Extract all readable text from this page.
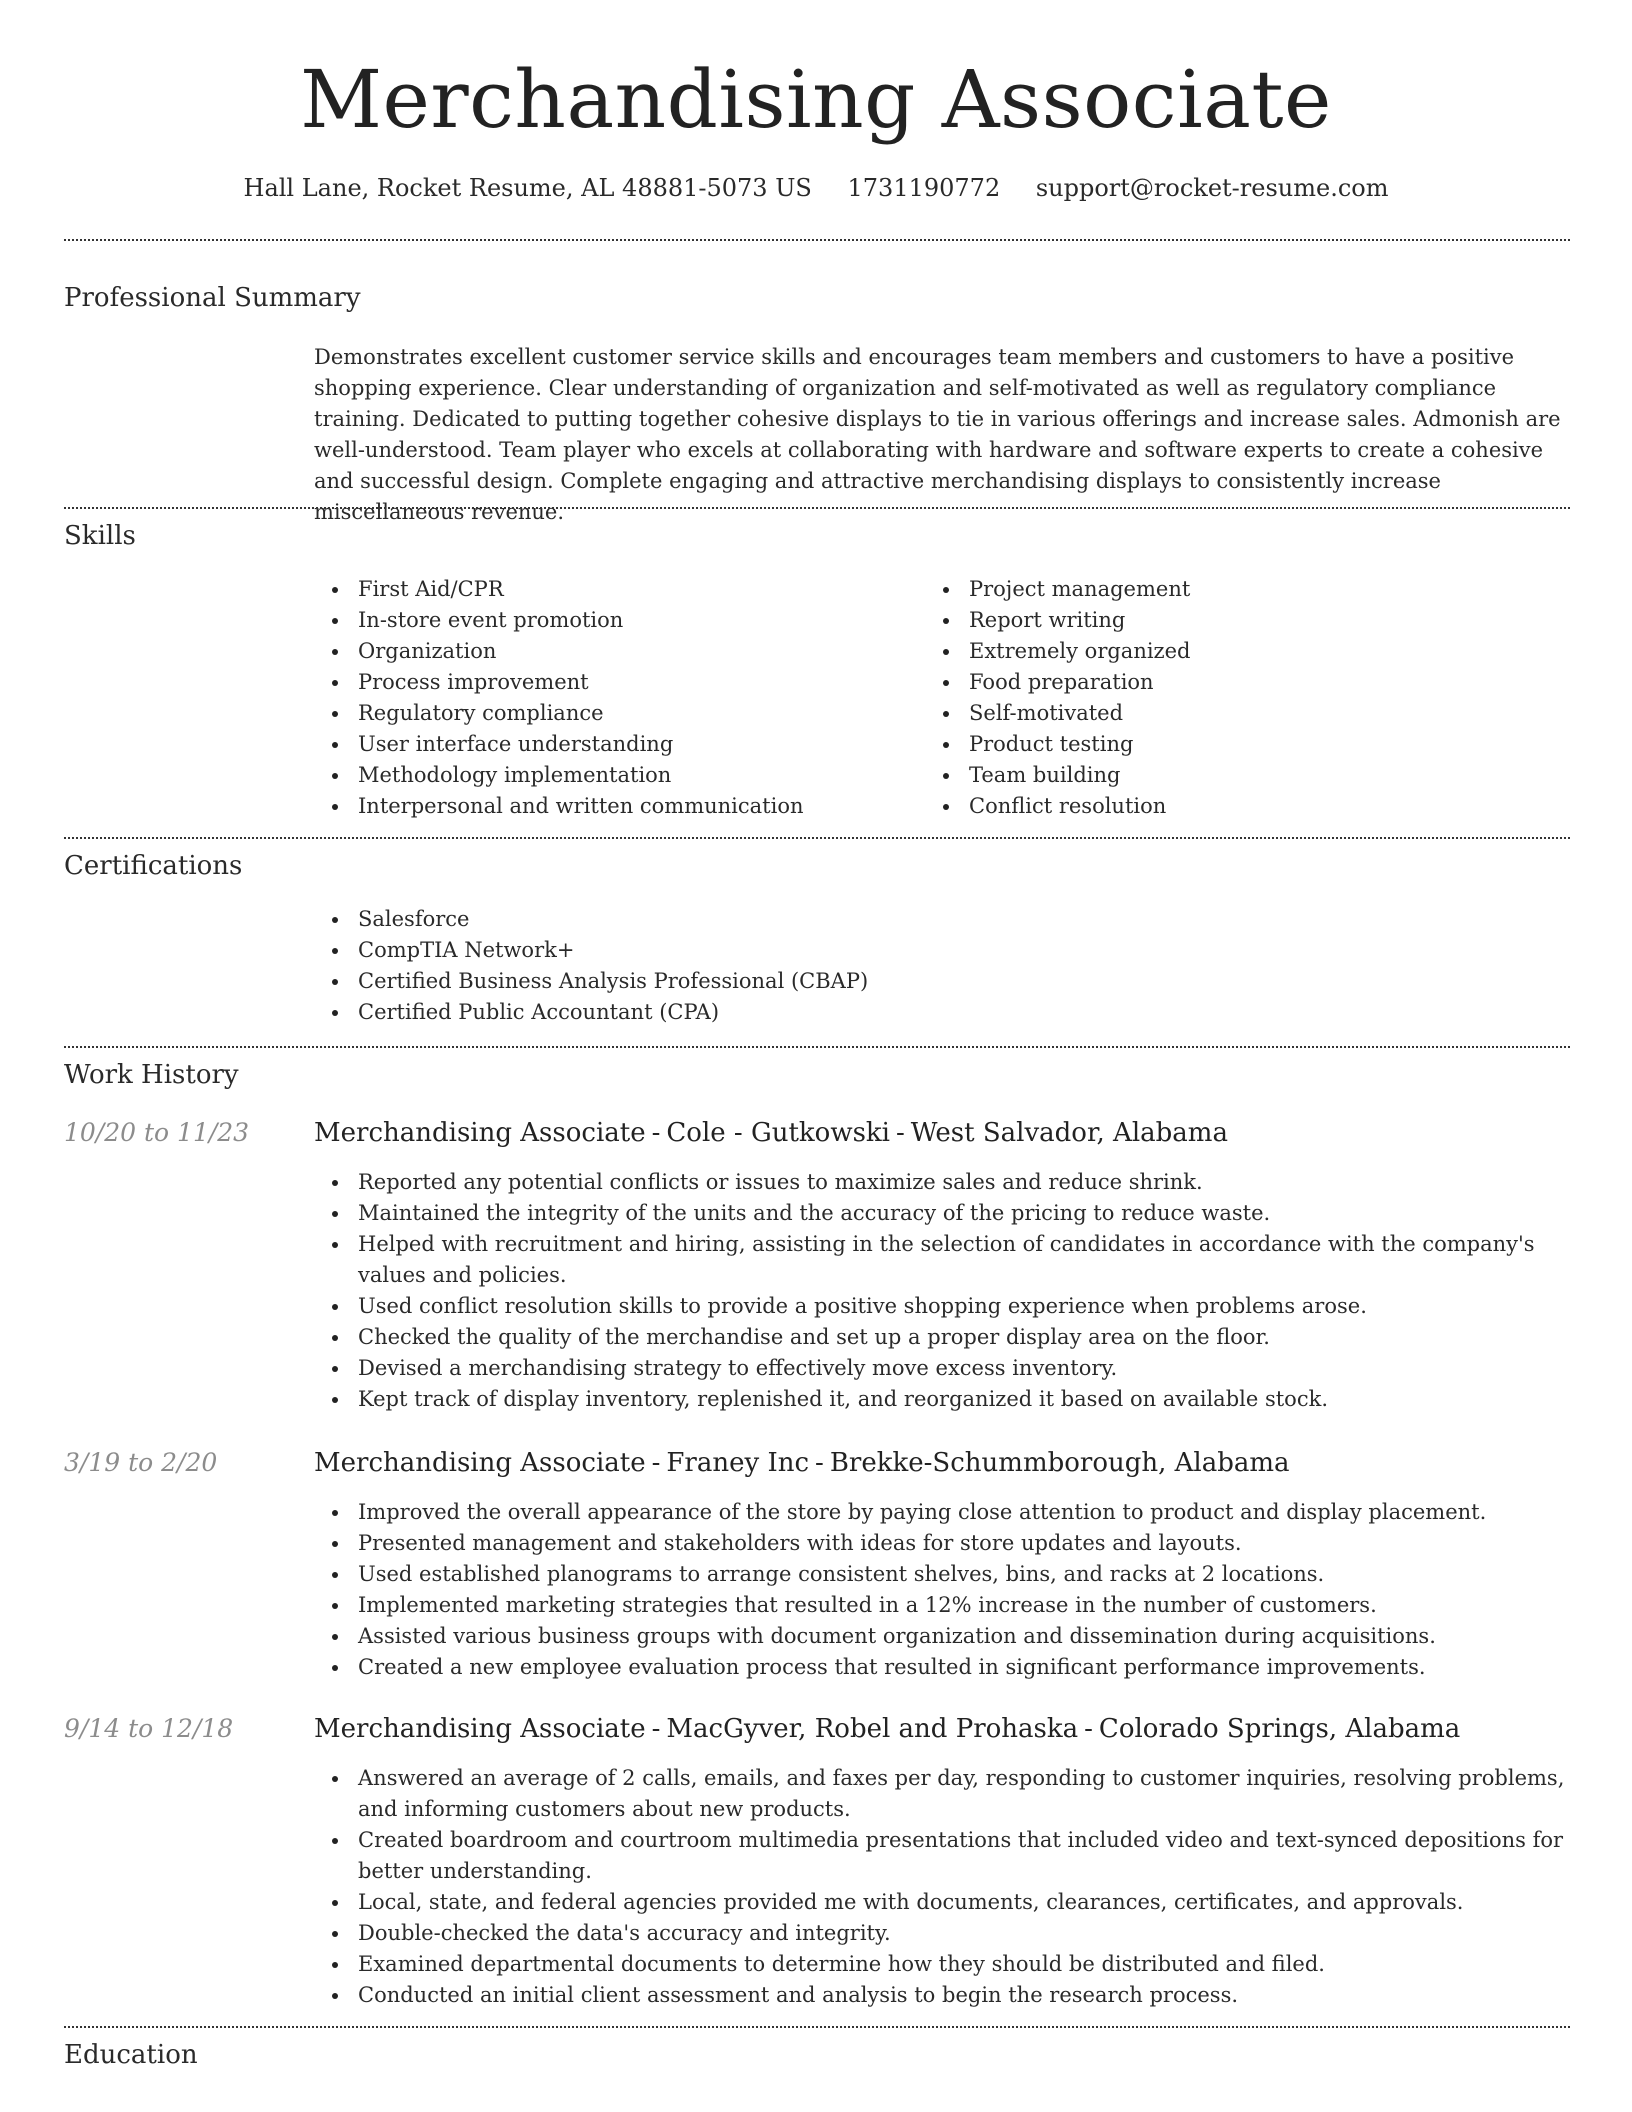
Merchandising Associate
Hall Lane, Rocket Resume, AL 48881-5073 US 1731190772 support@rocket-resume.com
Professional Summary

Demonstrates excellent customer service skills and encourages team members and customers to have a positive shopping experience. Clear understanding of organization and self-motivated as well as regulatory compliance training. Dedicated to putting together cohesive displays to tie in various offerings and increase sales. Admonish are well-understood. Team player who excels at collaborating with hardware and software experts to create a cohesive and successful design. Complete engaging and attractive merchandising displays to consistently increase miscellaneous revenue.

Skills
First Aid/CPR
In-store event promotion
Organization
Process improvement
Regulatory compliance
User interface understanding
Methodology implementation
Interpersonal and written communication
Project management
Report writing
Extremely organized
Food preparation
Self-motivated
Product testing
Team building
Conflict resolution
Certifications
Salesforce
CompTIA Network+
Certified Business Analysis Professional (CBAP)
Certified Public Accountant (CPA)
Work History
10/20 to 11/23 Merchandising Associate - Cole - Gutkowski - West Salvador, Alabama
Reported any potential conflicts or issues to maximize sales and reduce shrink.
Maintained the integrity of the units and the accuracy of the pricing to reduce waste.
Helped with recruitment and hiring, assisting in the selection of candidates in accordance with the company's values and policies.
Used conflict resolution skills to provide a positive shopping experience when problems arose.
Checked the quality of the merchandise and set up a proper display area on the floor.
Devised a merchandising strategy to effectively move excess inventory.
Kept track of display inventory, replenished it, and reorganized it based on available stock.
3/19 to 2/20	Merchandising Associate - Franey Inc - Brekke-Schummborough, Alabama
Improved the overall appearance of the store by paying close attention to product and display placement.
Presented management and stakeholders with ideas for store updates and layouts.
Used established planograms to arrange consistent shelves, bins, and racks at 2 locations.
Implemented marketing strategies that resulted in a 12% increase in the number of customers.
Assisted various business groups with document organization and dissemination during acquisitions.
Created a new employee evaluation process that resulted in significant performance improvements.
9/14 to 12/18	Merchandising Associate - MacGyver, Robel and Prohaska - Colorado Springs, Alabama
Answered an average of 2 calls, emails, and faxes per day, responding to customer inquiries, resolving problems, and informing customers about new products.
Created boardroom and courtroom multimedia presentations that included video and text-synced depositions for better understanding.
Local, state, and federal agencies provided me with documents, clearances, certificates, and approvals.
Double-checked the data's accuracy and integrity.
Examined departmental documents to determine how they should be distributed and filed.
Conducted an initial client assessment and analysis to begin the research process.
Education
